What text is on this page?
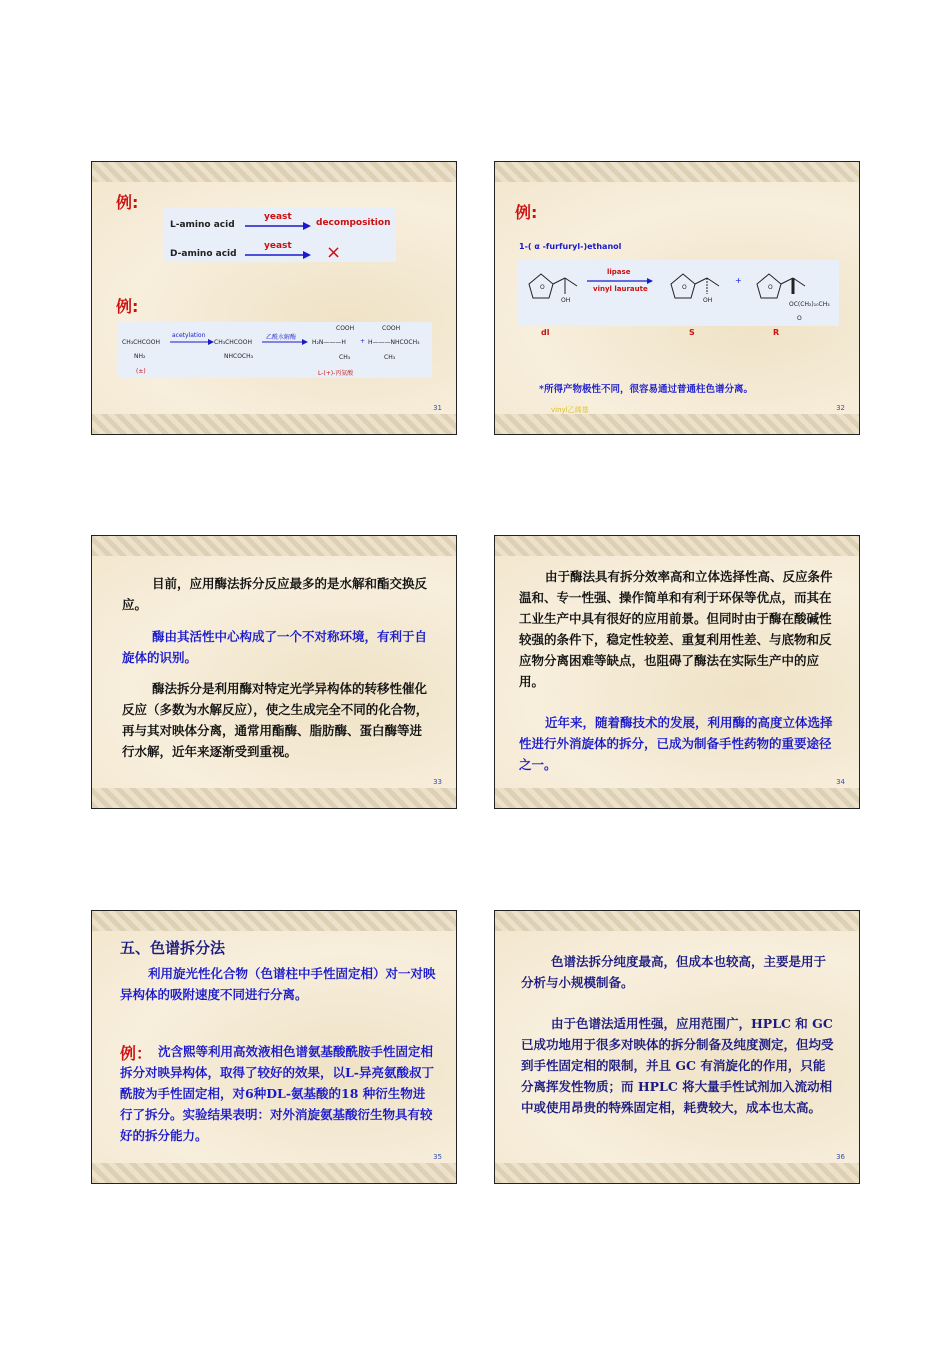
例:
L-amino acid
yeast
decomposition
D-amino acid
yeast ×
例:
CH₃CHCOOH
NH₂
acetylation
CH₃CHCOOH
NHCOCH₃
乙酰水解酶
COOH
H₂N———H
CH₃
+
COOH
H———NHCOCH₃
CH₃
(±)	L-(+)-丙氨酸
31
例:
1-( α -furfuryl-)ethanol
O
OH
lipase
vinyl lauraute	O
OH
+
O
OC(CH₂)₁₀CH₃
O
dl	S	R
*所得产物极性不同，很容易通过普通柱色谱分离。
vinyl乙烯基	32

目前，应用酶法拆分反应最多的是水解和酯交换反应。

酶由其活性中心构成了一个不对称环境，有利于自旋体的识别。

酶法拆分是利用酶对特定光学异构体的转移性催化反应（多数为水解反应），使之生成完全不同的化合物，再与其对映体分离，通常用酯酶、脂肪酶、蛋白酶等进行水解，近年来逐渐受到重视。

33

由于酶法具有拆分效率高和立体选择性高、反应条件温和、专一性强、操作简单和有利于环保等优点，而其在工业生产中具有很好的应用前景。但同时由于酶在酸碱性较强的条件下，稳定性较差、重复利用性差、与底物和反应物分离困难等缺点，也阻碍了酶法在实际生产中的应用。

近年来，随着酶技术的发展，利用酶的高度立体选择性进行外消旋体的拆分，已成为制备手性药物的重要途径之一。

34
五、色谱拆分法

利用旋光性化合物（色谱柱中手性固定相）对一对映异构体的吸附速度不同进行分离。

例： 沈含熙等利用高效液相色谱氨基酸酰胺手性固定相拆分对映异构体，取得了较好的效果，以L-异亮氨酸叔丁酰胺为手性固定相，对6种DL-氨基酸的18 种衍生物进行了拆分。实验结果表明：对外消旋氨基酸衍生物具有较好的拆分能力。

35

色谱法拆分纯度最高，但成本也较高，主要是用于分析与小规模制备。

由于色谱法适用性强，应用范围广，HPLC 和 GC 已成功地用于很多对映体的拆分制备及纯度测定，但均受到手性固定相的限制，并且 GC 有消旋化的作用，只能分离挥发性物质；而 HPLC 将大量手性试剂加入流动相中或使用昂贵的特殊固定相，耗费较大，成本也太高。

36
